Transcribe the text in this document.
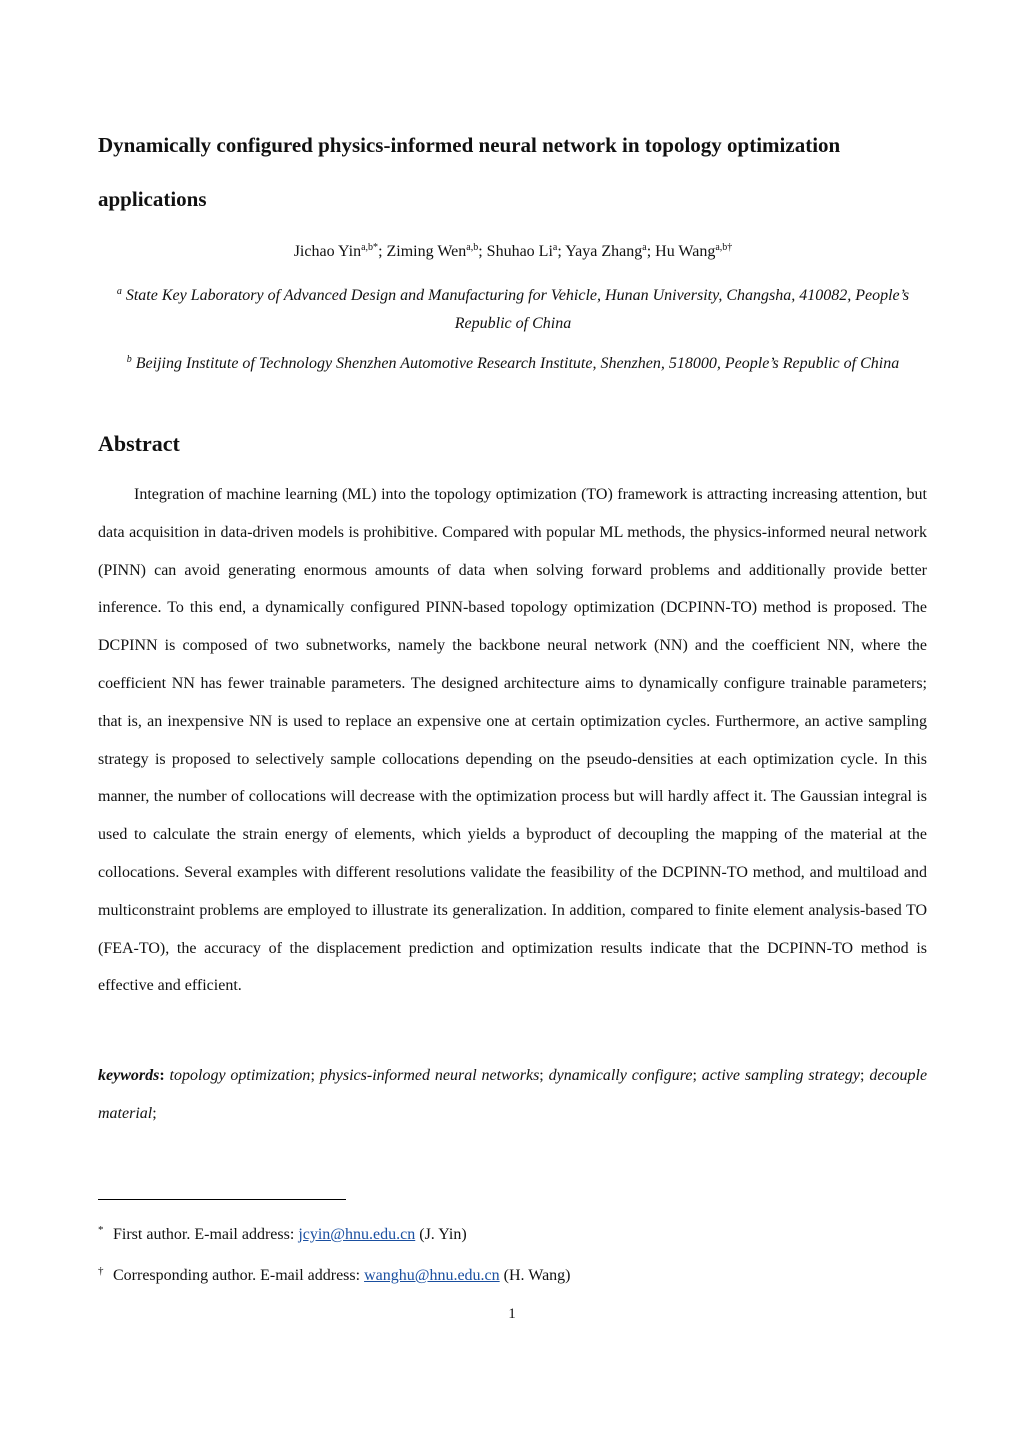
Dynamically configured physics-informed neural network in topology optimization applications
Jichao Yin$^{a,b*}$; Ziming Wen$^{a,b}$; Shuhao Li$^a$; Yaya Zhang$^a$; Hu Wang$^{a,b\dagger}$

$^a$ State Key Laboratory of Advanced Design and Manufacturing for Vehicle, Hunan University, Changsha, 410082, People’s Republic of China

$^b$ Beijing Institute of Technology Shenzhen Automotive Research Institute, Shenzhen, 518000, People’s Republic of China

Abstract

Integration of machine learning (ML) into the topology optimization (TO) framework is attracting increasing attention, but data acquisition in data-driven models is prohibitive. Compared with popular ML methods, the physics-informed neural network (PINN) can avoid generating enormous amounts of data when solving forward problems and additionally provide better inference. To this end, a dynamically configured PINN-based topology optimization (DCPINN-TO) method is proposed. The DCPINN is composed of two subnetworks, namely the backbone neural network (NN) and the coefficient NN, where the coefficient NN has fewer trainable parameters. The designed architecture aims to dynamically configure trainable parameters; that is, an inexpensive NN is used to replace an expensive one at certain optimization cycles. Furthermore, an active sampling strategy is proposed to selectively sample collocations depending on the pseudo-densities at each optimization cycle. In this manner, the number of collocations will decrease with the optimization process but will hardly affect it. The Gaussian integral is used to calculate the strain energy of elements, which yields a byproduct of decoupling the mapping of the material at the collocations. Several examples with different resolutions validate the feasibility of the DCPINN-TO method, and multiload and multiconstraint problems are employed to illustrate its generalization. In addition, compared to finite element analysis-based TO (FEA-TO), the accuracy of the displacement prediction and optimization results indicate that the DCPINN-TO method is effective and efficient.

keywords: topology optimization; physics-informed neural networks; dynamically configure; active sampling strategy; decouple material;

* First author. E-mail address: jcyin@hnu.edu.cn (J. Yin)

† Corresponding author. E-mail address: wanghu@hnu.edu.cn (H. Wang)

1
